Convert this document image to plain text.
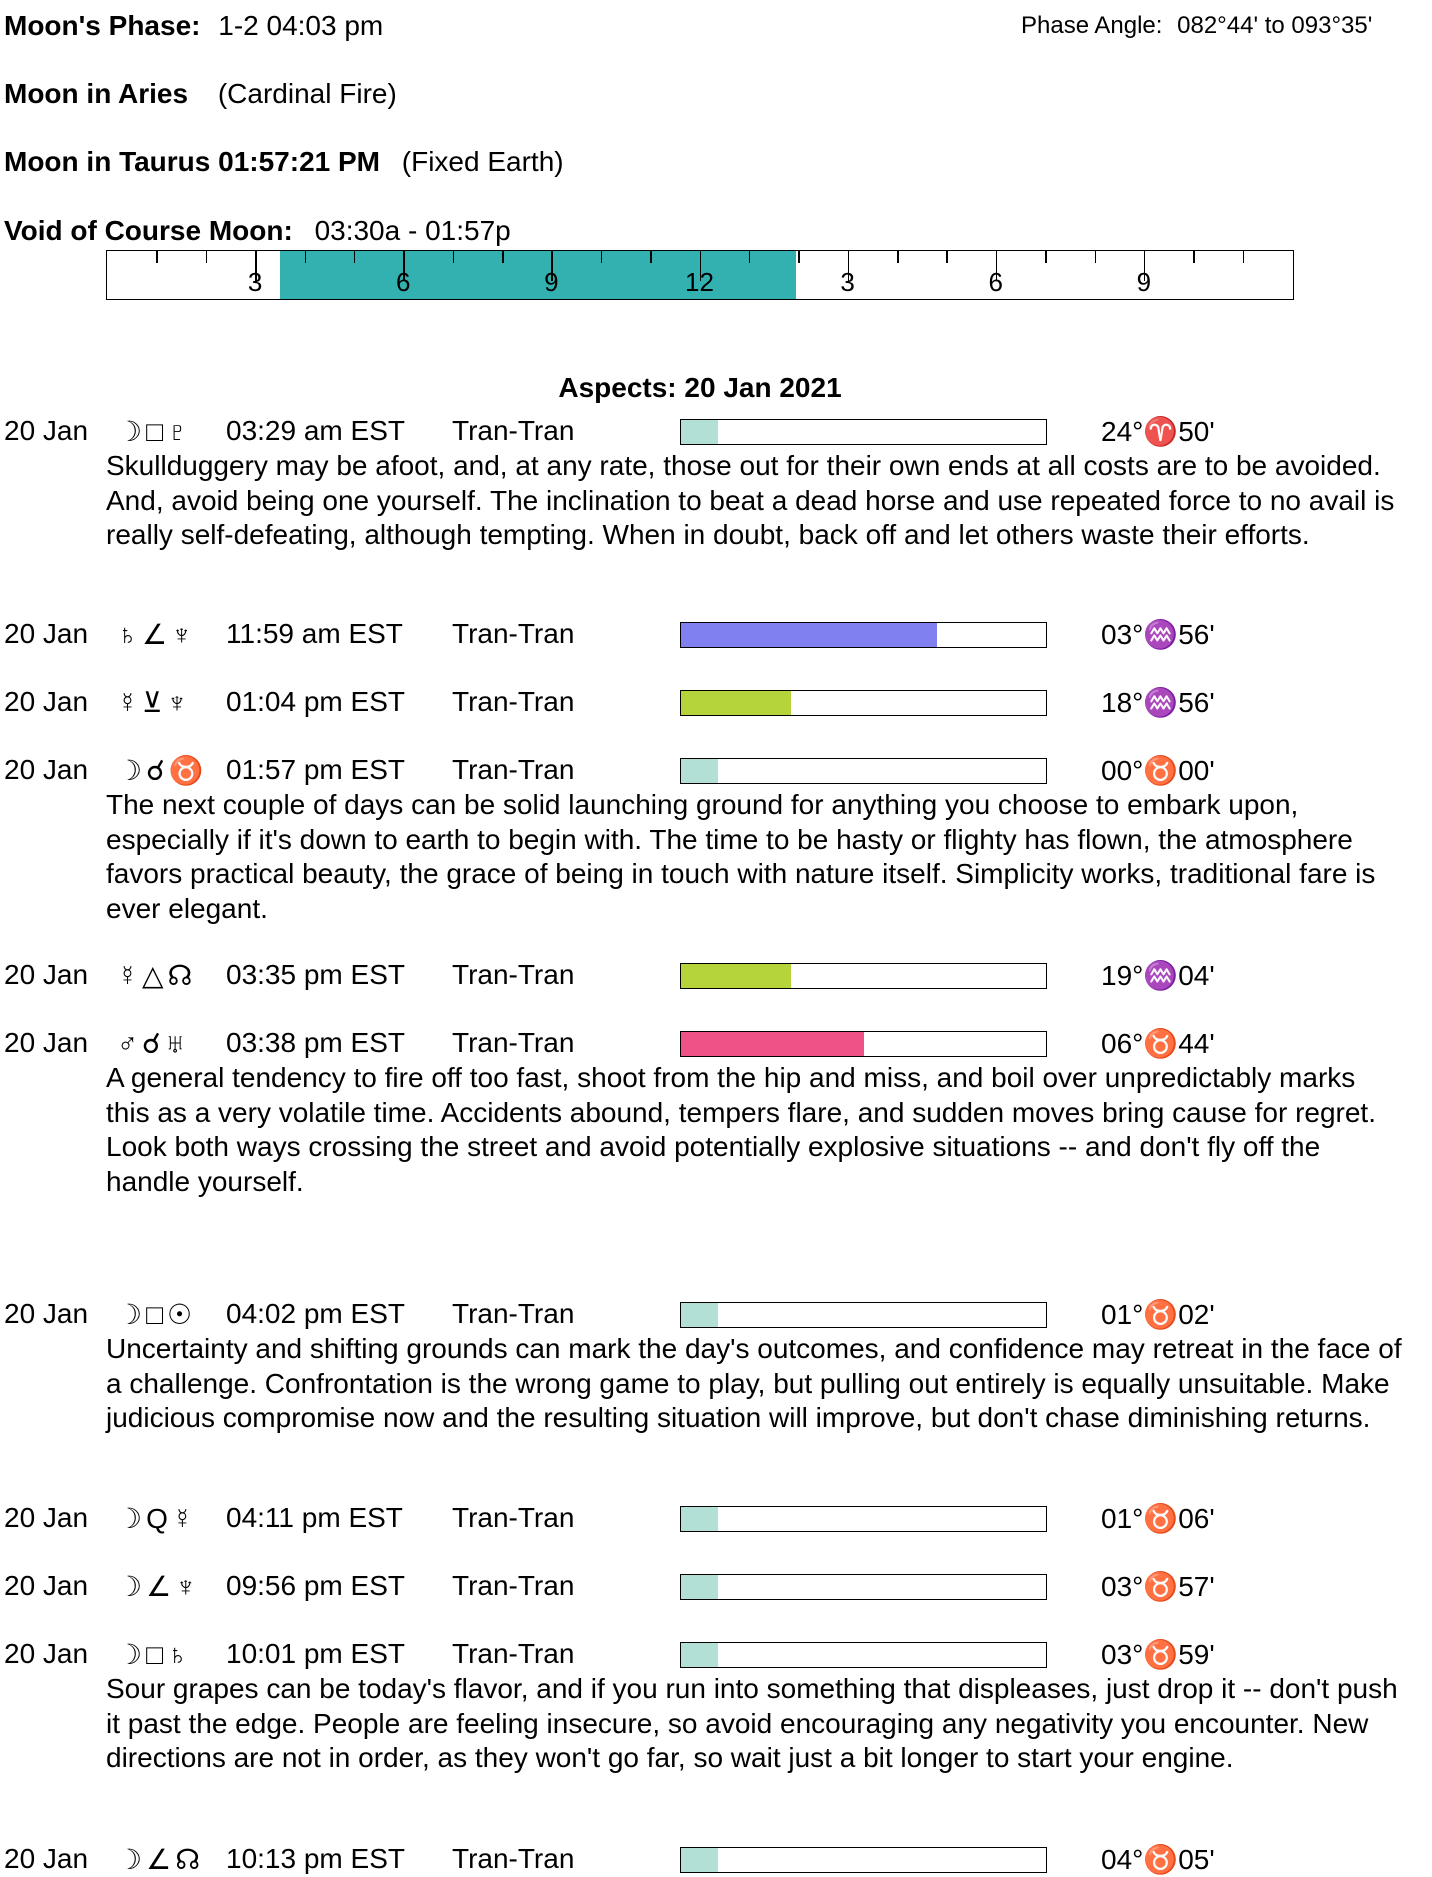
Moon's Phase: 1-2 04:03 pm	Phase Angle: 082°44' to 093°35'
Moon in Aries (Cardinal Fire)
Moon in Taurus 01:57:21 PM (Fixed Earth)
Void of Course Moon: 03:30a - 01:57p
3	6	9	12	3	6	9
Aspects: 20 Jan 2021
20 Jan ☽□♇ 03:29 am EST Tran-Tran	24°♈50'
Skullduggery may be afoot, and, at any rate, those out for their own ends at all costs are to be avoided. And, avoid being one yourself. The inclination to beat a dead horse and use repeated force to no avail is really self-defeating, although tempting. When in doubt, back off and let others waste their efforts.
20 Jan ♄∠♆ 11:59 am EST Tran-Tran	03°♒56'
20 Jan ☿⊻♆ 01:04 pm EST Tran-Tran	18°♒56'
20 Jan ☽☌♉ 01:57 pm EST Tran-Tran	00°♉00'
The next couple of days can be solid launching ground for anything you choose to embark upon, especially if it's down to earth to begin with. The time to be hasty or flighty has flown, the atmosphere favors practical beauty, the grace of being in touch with nature itself. Simplicity works, traditional fare is ever elegant.
20 Jan ☿△☊ 03:35 pm EST Tran-Tran	19°♒04'
20 Jan ♂☌♅ 03:38 pm EST Tran-Tran	06°♉44'
A general tendency to fire off too fast, shoot from the hip and miss, and boil over unpredictably marks this as a very volatile time. Accidents abound, tempers flare, and sudden moves bring cause for regret. Look both ways crossing the street and avoid potentially explosive situations -- and don't fly off the handle yourself.
20 Jan ☽□☉ 04:02 pm EST Tran-Tran	01°♉02'
Uncertainty and shifting grounds can mark the day's outcomes, and confidence may retreat in the face of a challenge. Confrontation is the wrong game to play, but pulling out entirely is equally unsuitable. Make judicious compromise now and the resulting situation will improve, but don't chase diminishing returns.
20 Jan ☽Q☿ 04:11 pm EST Tran-Tran	01°♉06'
20 Jan ☽∠♆ 09:56 pm EST Tran-Tran	03°♉57'
20 Jan ☽□♄ 10:01 pm EST Tran-Tran	03°♉59'
Sour grapes can be today's flavor, and if you run into something that displeases, just drop it -- don't push it past the edge. People are feeling insecure, so avoid encouraging any negativity you encounter. New directions are not in order, as they won't go far, so wait just a bit longer to start your engine.
20 Jan ☽∠☊ 10:13 pm EST Tran-Tran	04°♉05'
